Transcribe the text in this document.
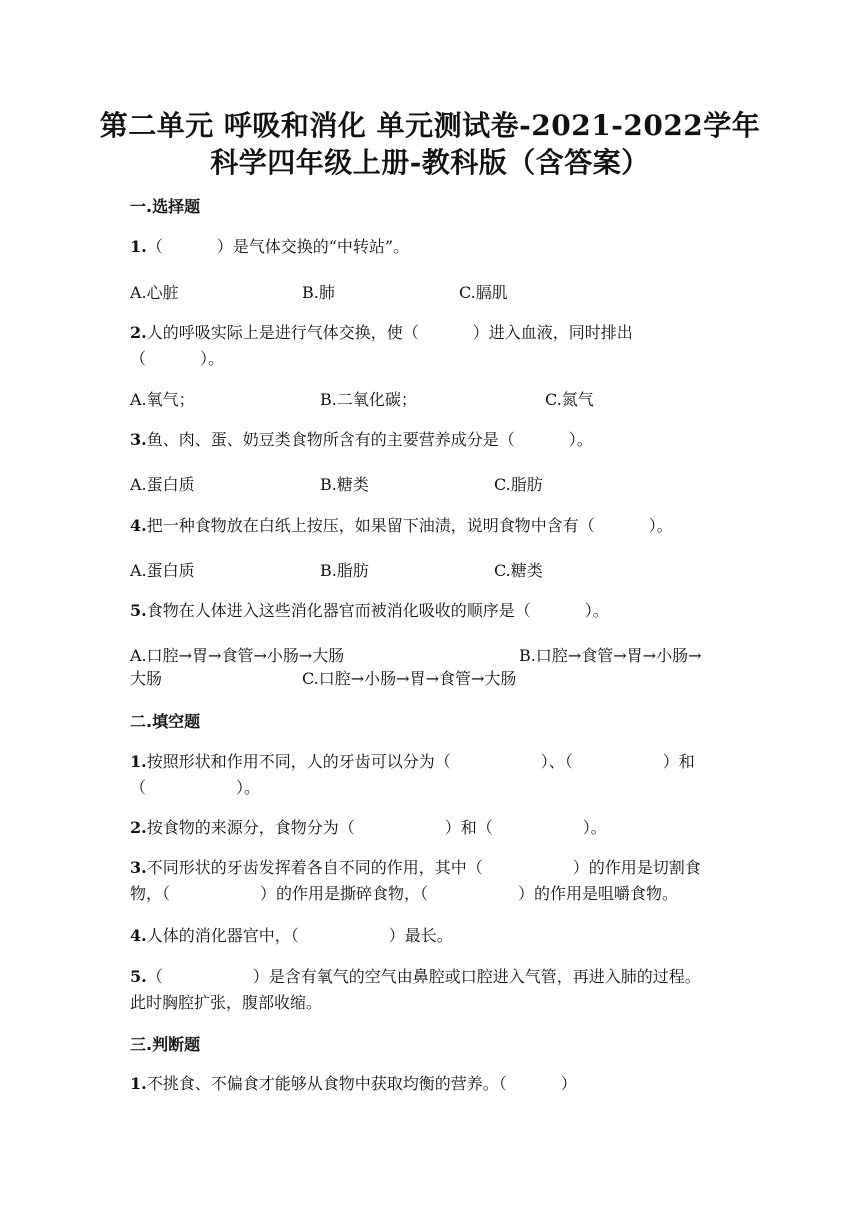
第二单元 呼吸和消化 单元测试卷-2021-2022学年
科学四年级上册-教科版（含答案）
一.选择题
1.（	）是气体交换的“中转站”。
A.心脏	B.肺	C.膈肌
2.人的呼吸实际上是进行气体交换，使（	）进入血液，同时排出
（	）。
A.氧气；	B.二氧化碳；	C.氮气
3.鱼、肉、蛋、奶豆类食物所含有的主要营养成分是（	）。
A.蛋白质	B.糖类	C.脂肪
4.把一种食物放在白纸上按压，如果留下油渍，说明食物中含有（	）。
A.蛋白质	B.脂肪	C.糖类
5.食物在人体进入这些消化器官而被消化吸收的顺序是（	）。
A.口腔→胃→食管→小肠→大肠	B.口腔→食管→胃→小肠→
大肠	C.口腔→小肠→胃→食管→大肠
二.填空题
1.按照形状和作用不同，人的牙齿可以分为（	）、（	）和
（	）。
2.按食物的来源分，食物分为（	）和（	）。
3.不同形状的牙齿发挥着各自不同的作用，其中（	）的作用是切割食
物，（	）的作用是撕碎食物，（	）的作用是咀嚼食物。
4.人体的消化器官中，（	）最长。
5.（	）是含有氧气的空气由鼻腔或口腔进入气管，再进入肺的过程。
此时胸腔扩张，腹部收缩。
三.判断题
1.不挑食、不偏食才能够从食物中获取均衡的营养。（	）
